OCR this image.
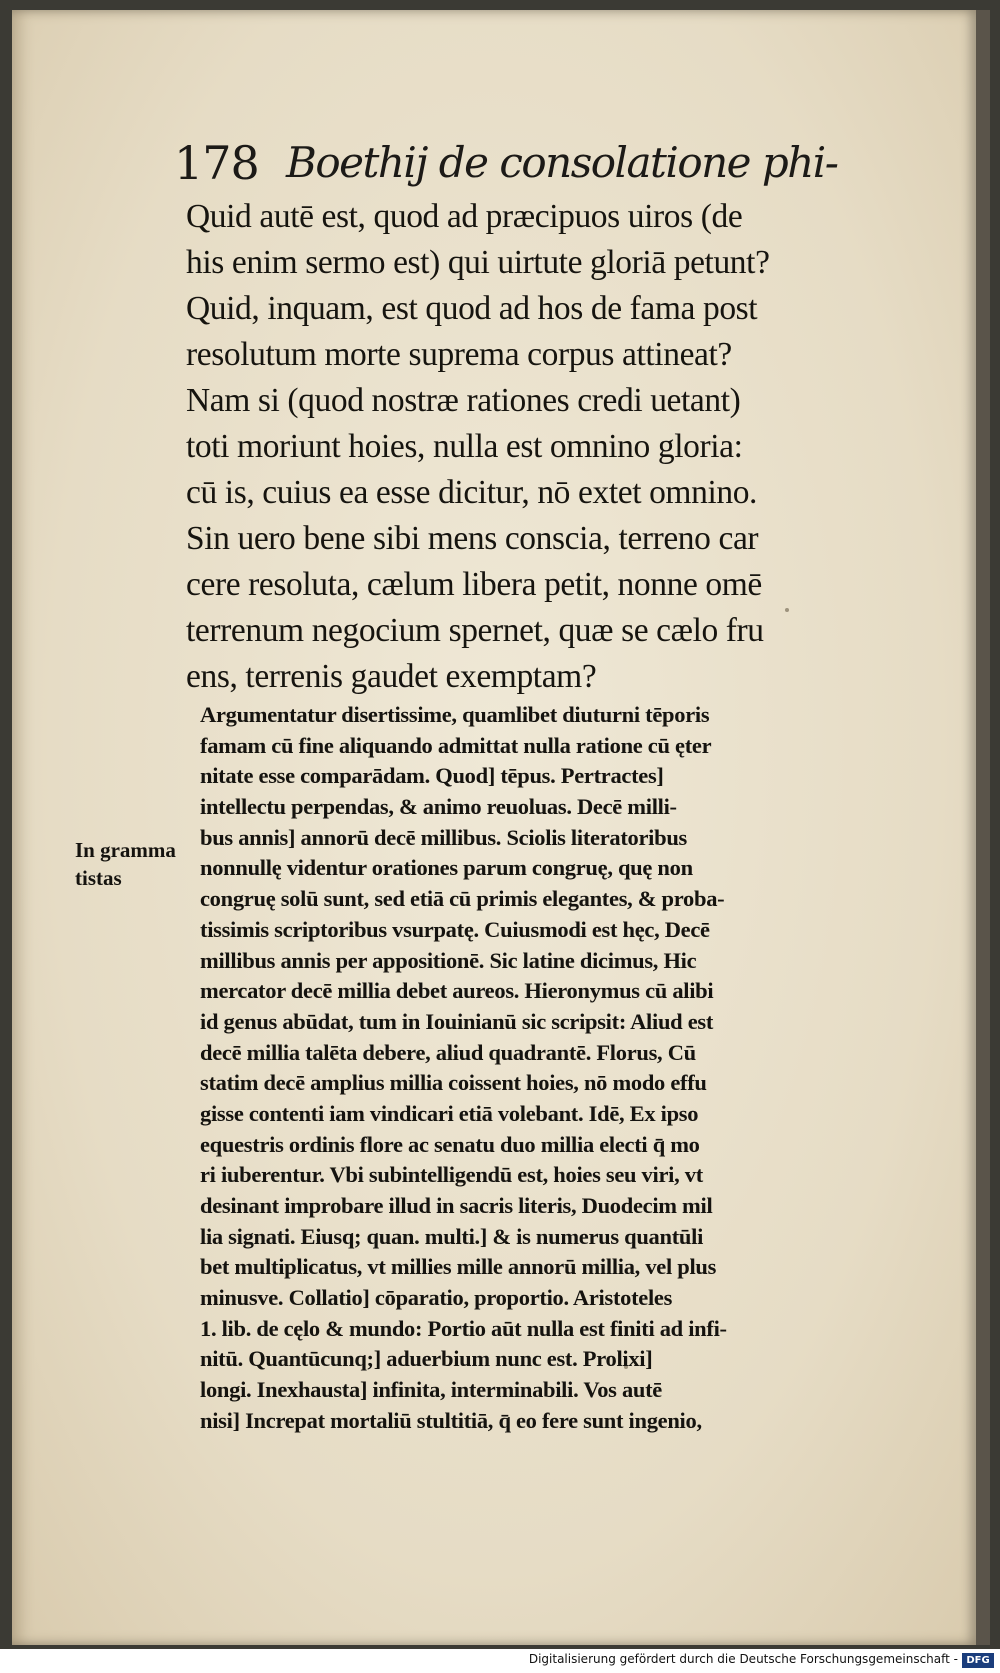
178 Boethij de consolatione phi-
Quid autē est, quod ad præcipuos uiros (de
his enim sermo est) qui uirtute gloriā petunt?
Quid, inquam, est quod ad hos de fama post
resolutum morte suprema corpus attineat?
Nam si (quod nostræ rationes credi uetant)
toti moriunt hoies, nulla est omnino gloria:
cū is, cuius ea esse dicitur, nō extet omnino.
Sin uero bene sibi mens conscia, terreno car
cere resoluta, cælum libera petit, nonne omē
terrenum negocium spernet, quæ se cælo fru
ens, terrenis gaudet exemptam?
In gramma
tistas
Argumentatur disertissime, quamlibet diuturni tēporis
famam cū fine aliquando admittat nulla ratione cū ęter
nitate esse comparādam. Quod] tēpus. Pertractes]
intellectu perpendas, & animo reuoluas. Decē milli-
bus annis] annorū decē millibus. Sciolis literatoribus
nonnullę videntur orationes parum congruę, quę non
congruę solū sunt, sed etiā cū primis elegantes, & proba-
tissimis scriptoribus vsurpatę. Cuiusmodi est hęc, Decē
millibus annis per appositionē. Sic latine dicimus, Hic
mercator decē millia debet aureos. Hieronymus cū alibi
id genus abūdat, tum in Iouinianū sic scripsit: Aliud est
decē millia talēta debere, aliud quadrantē. Florus, Cū
statim decē amplius millia coissent hoies, nō modo effu
gisse contenti iam vindicari etiā volebant. Idē, Ex ipso
equestris ordinis flore ac senatu duo millia electi q̄ mo
ri iuberentur. Vbi subintelligendū est, hoies seu viri, vt
desinant improbare illud in sacris literis, Duodecim mil
lia signati. Eiusq; quan. multi.] & is numerus quantūli
bet multiplicatus, vt millies mille annorū millia, vel plus
minusve. Collatio] cōparatio, proportio. Aristoteles
1. lib. de cęlo & mundo: Portio aūt nulla est finiti ad infi-
nitū. Quantūcunq;] aduerbium nunc est. Prolixi]
longi. Inexhausta] infinita, interminabili. Vos autē
nisi] Increpat mortaliū stultitiā, q̄ eo fere sunt ingenio,
Digitalisierung gefördert durch die Deutsche Forschungsgemeinschaft - DFG
